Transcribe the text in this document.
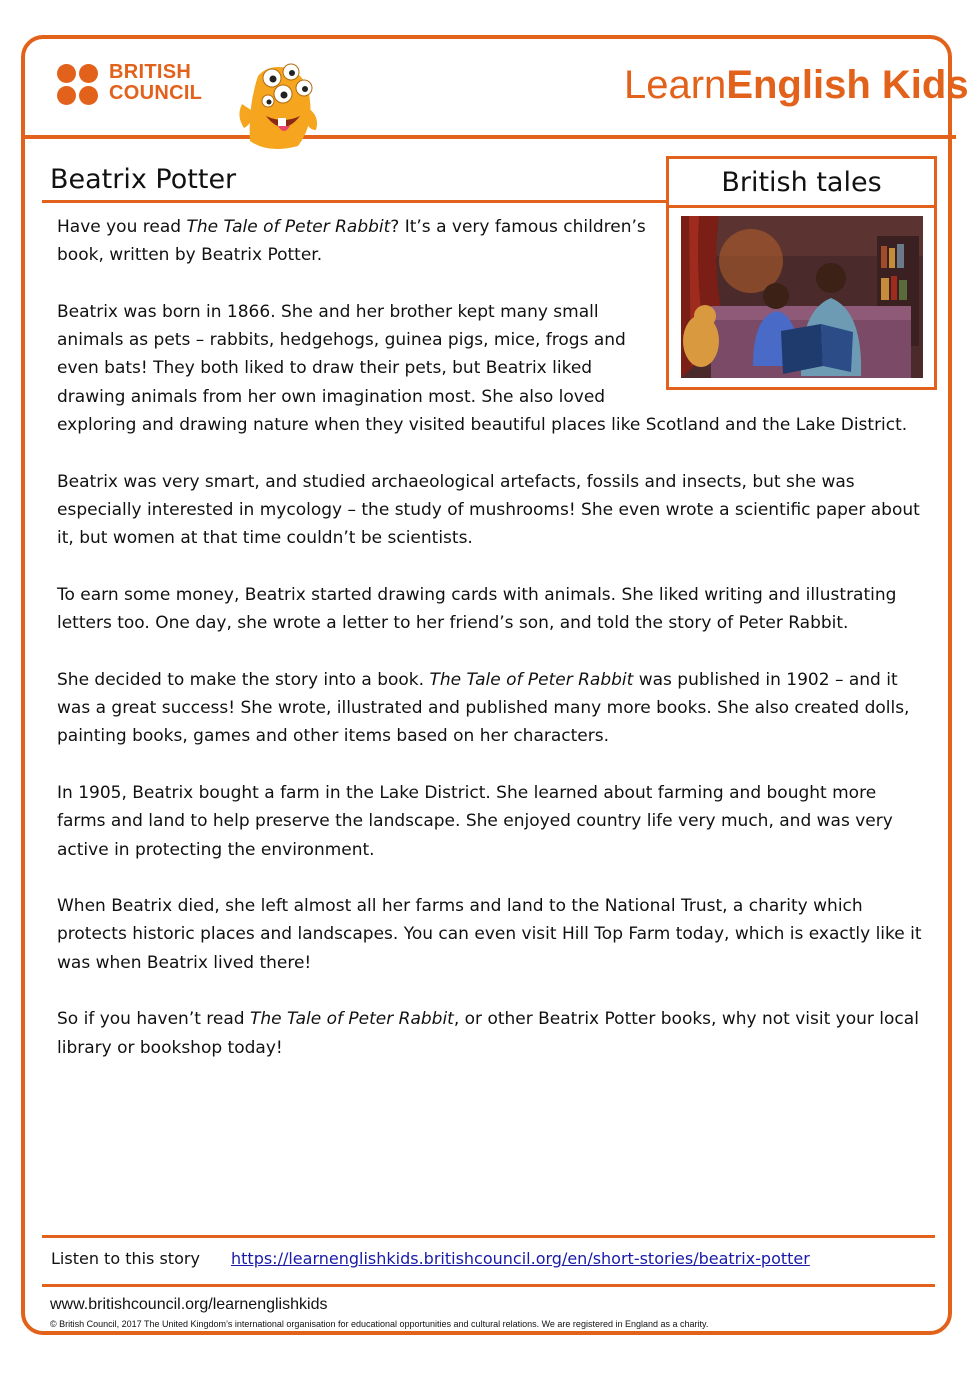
BRITISH
COUNCIL	LearnEnglish Kids
Beatrix Potter	British tales

Have you read The Tale of Peter Rabbit? It’s a very famous children’s book, written by Beatrix Potter.

Beatrix was born in 1866. She and her brother kept many small animals as pets – rabbits, hedgehogs, guinea pigs, mice, frogs and even bats! They both liked to draw their pets, but Beatrix liked drawing animals from her own imagination most. She also loved
exploring and drawing nature when they visited beautiful places like Scotland and the Lake District.

Beatrix was very smart, and studied archaeological artefacts, fossils and insects, but she was especially interested in mycology – the study of mushrooms! She even wrote a scientific paper about it, but women at that time couldn’t be scientists.

To earn some money, Beatrix started drawing cards with animals. She liked writing and illustrating letters too. One day, she wrote a letter to her friend’s son, and told the story of Peter Rabbit.

She decided to make the story into a book. The Tale of Peter Rabbit was published in 1902 – and it was a great success! She wrote, illustrated and published many more books. She also created dolls, painting books, games and other items based on her characters.

In 1905, Beatrix bought a farm in the Lake District. She learned about farming and bought more farms and land to help preserve the landscape. She enjoyed country life very much, and was very active in protecting the environment.

When Beatrix died, she left almost all her farms and land to the National Trust, a charity which protects historic places and landscapes. You can even visit Hill Top Farm today, which is exactly like it was when Beatrix lived there!

So if you haven’t read The Tale of Peter Rabbit, or other Beatrix Potter books, why not visit your local library or bookshop today!

Listen to this story https://learnenglishkids.britishcouncil.org/en/short-stories/beatrix-potter
www.britishcouncil.org/learnenglishkids
© British Council, 2017 The United Kingdom’s international organisation for educational opportunities and cultural relations. We are registered in England as a charity.
